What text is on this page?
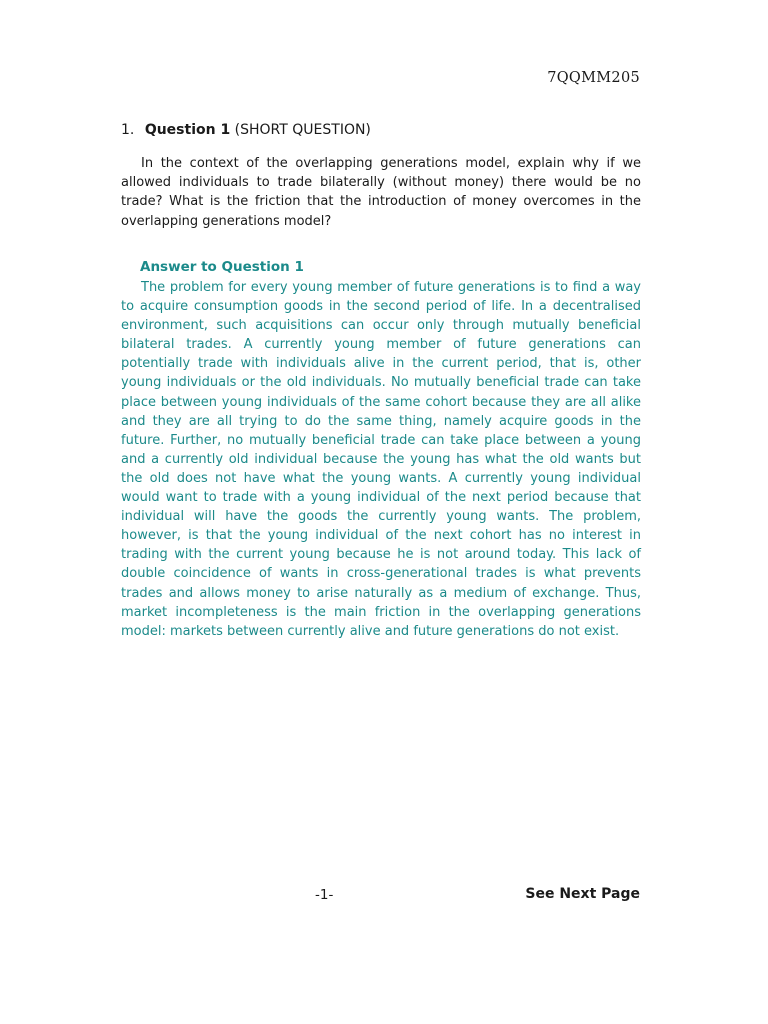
7QQMM205
1. Question 1 (SHORT QUESTION)

In the context of the overlapping generations model, explain why if we allowed individuals to trade bilaterally (without money) there would be no trade? What is the friction that the introduction of money overcomes in the overlapping generations model?

Answer to Question 1

The problem for every young member of future generations is to find a way to acquire consumption goods in the second period of life. In a decentralised environment, such acquisitions can occur only through mutually beneficial bilateral trades. A currently young member of future generations can potentially trade with individuals alive in the current period, that is, other young individuals or the old individuals. No mutually beneficial trade can take place between young individuals of the same cohort because they are all alike and they are all trying to do the same thing, namely acquire goods in the future. Further, no mutually beneficial trade can take place between a young and a currently old individual because the young has what the old wants but the old does not have what the young wants. A currently young individual would want to trade with a young individual of the next period because that individual will have the goods the currently young wants. The problem, however, is that the young individual of the next cohort has no interest in trading with the current young because he is not around today. This lack of double coincidence of wants in cross-generational trades is what prevents trades and allows money to arise naturally as a medium of exchange. Thus, market incompleteness is the main friction in the overlapping generations model: markets between currently alive and future generations do not exist.

-1-	See Next Page
